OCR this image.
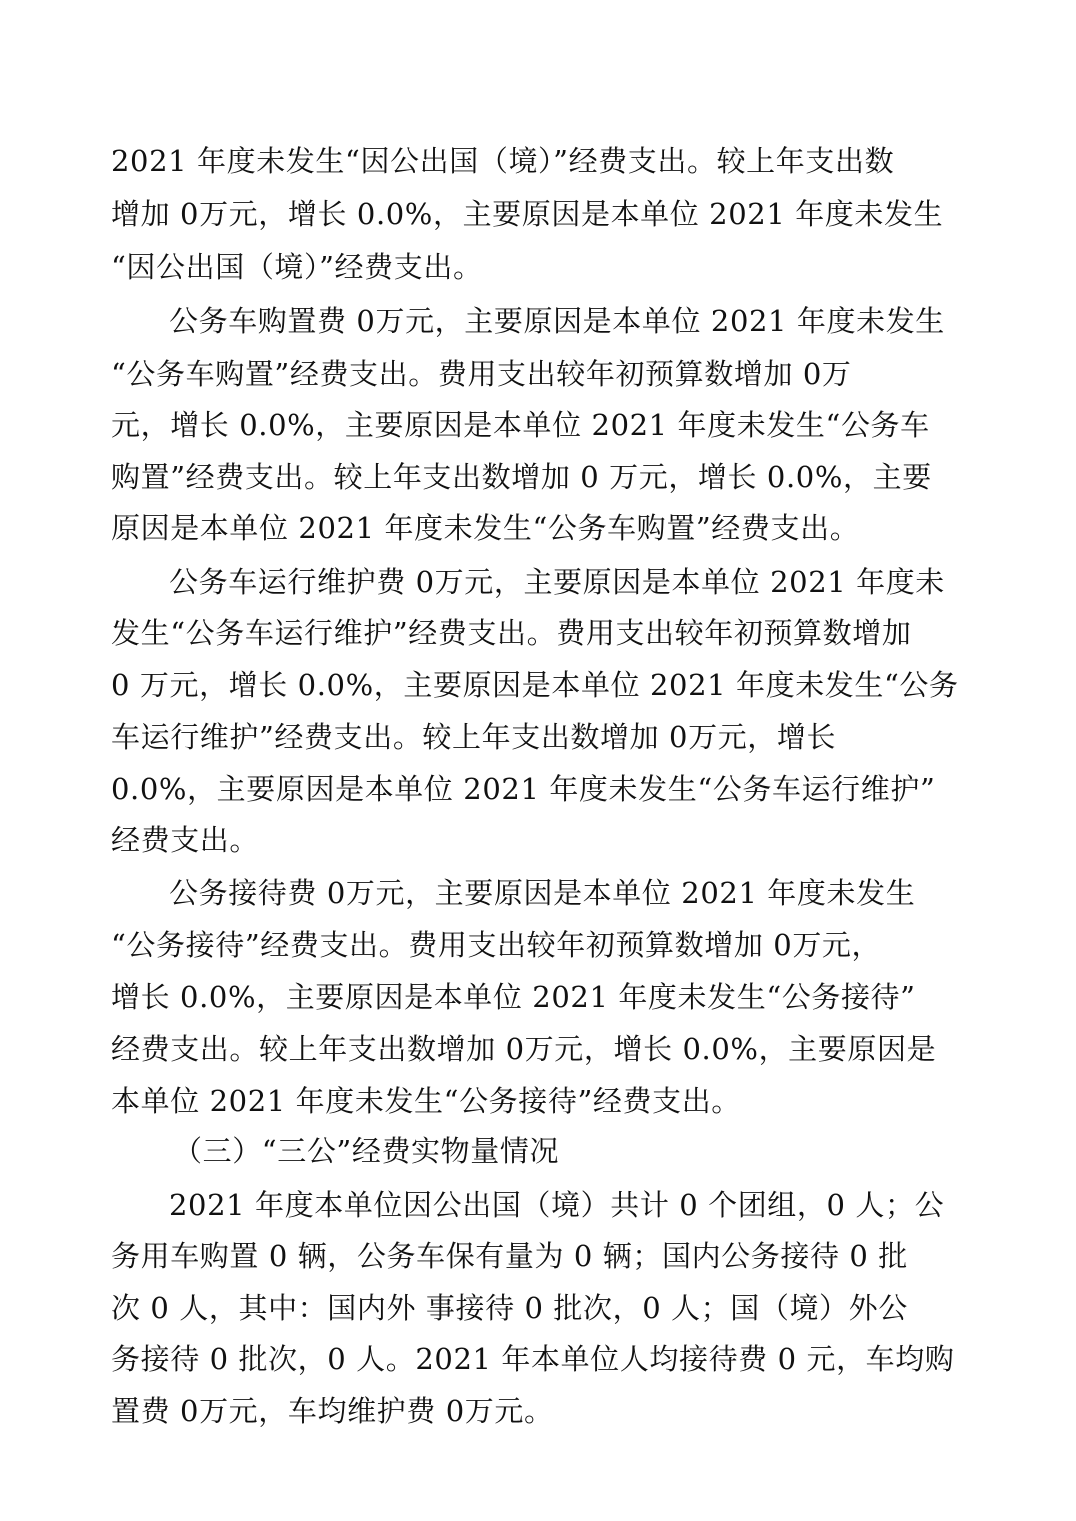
2021 年度未发生“因公出国（境）”经费支出。较上年支出数
增加 0万元，增长 0.0%，主要原因是本单位 2021 年度未发生
“因公出国（境）”经费支出。
公务车购置费 0万元，主要原因是本单位 2021 年度未发生
“公务车购置”经费支出。费用支出较年初预算数增加 0万
元，增长 0.0%，主要原因是本单位 2021 年度未发生“公务车
购置”经费支出。较上年支出数增加 0 万元，增长 0.0%，主要
原因是本单位 2021 年度未发生“公务车购置”经费支出。
公务车运行维护费 0万元，主要原因是本单位 2021 年度未
发生“公务车运行维护”经费支出。费用支出较年初预算数增加
0 万元，增长 0.0%，主要原因是本单位 2021 年度未发生“公务
车运行维护”经费支出。较上年支出数增加 0万元，增长
0.0%，主要原因是本单位 2021 年度未发生“公务车运行维护”
经费支出。
公务接待费 0万元，主要原因是本单位 2021 年度未发生
“公务接待”经费支出。费用支出较年初预算数增加 0万元，
增长 0.0%，主要原因是本单位 2021 年度未发生“公务接待”
经费支出。较上年支出数增加 0万元，增长 0.0%，主要原因是
本单位 2021 年度未发生“公务接待”经费支出。
（三）“三公”经费实物量情况
2021 年度本单位因公出国（境）共计 0 个团组，0 人；公
务用车购置 0 辆，公务车保有量为 0 辆；国内公务接待 0 批
次 0 人，其中：国内外 事接待 0 批次，0 人；国（境）外公
务接待 0 批次，0 人。2021 年本单位人均接待费 0 元，车均购
置费 0万元，车均维护费 0万元。
